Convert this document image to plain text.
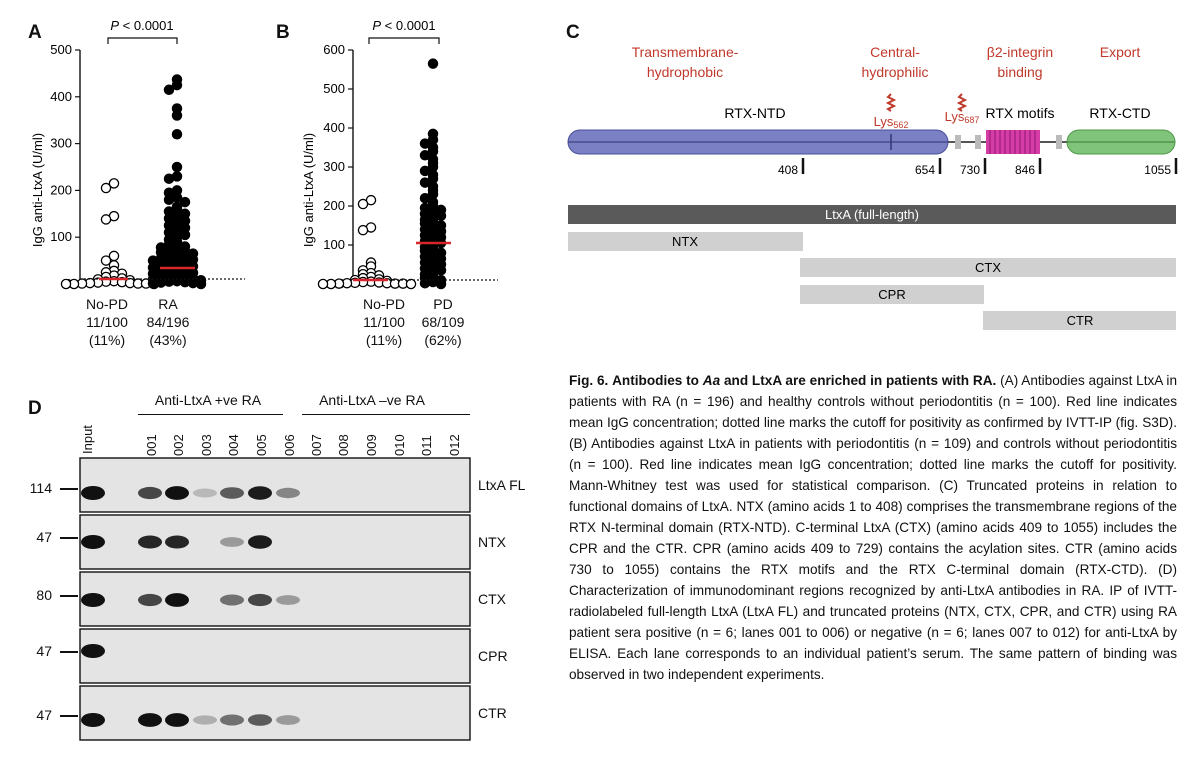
A	B	C
D
IgG anti-LtxA (U/ml) 100
200
300
400
500
P < 0.0001
No-PD
11/100
(11%)
RA
84/196
(43%)
IgG anti-LtxA (U/ml) 100
200
300
400
500
600
P < 0.0001
No-PD
11/100
(11%)
PD
68/109
(62%)
Transmembrane-
hydrophobic
Central-
hydrophilic
β2-integrin
binding
Export
RTX-NTD	RTX motifs RTX-CTD
Lys562
Lys687
408	654 730	846	1055
LtxA (full-length)
NTX
CTX
CPR
CTR
Anti-LtxA +ve RA	Anti-LtxA –ve RA
Input	001 002 003 004 005 006 007 008 009 010 011 012
LtxA FL
114
NTX
47
CTX
80
CPR
47
CTR
47
Fig. 6. Antibodies to Aa and LtxA are enriched in patients with RA. (A) Antibodies against LtxA in patients with RA (n = 196) and healthy controls without periodontitis (n = 100). Red line indicates mean IgG concentration; dotted line marks the cutoff for positivity as confirmed by IVTT-IP (fig. S3D). (B) Antibodies against LtxA in patients with periodontitis (n = 109) and controls without periodontitis (n = 100). Red line indicates mean IgG concentration; dotted line marks the cutoff for positivity. Mann-Whitney test was used for statistical comparison. (C) Truncated proteins in relation to functional domains of LtxA. NTX (amino acids 1 to 408) comprises the transmembrane regions of the RTX N-terminal domain (RTX-NTD). C-terminal LtxA (CTX) (amino acids 409 to 1055) includes the CPR and the CTR. CPR (amino acids 409 to 729) contains the acylation sites. CTR (amino acids 730 to 1055) contains the RTX motifs and the RTX C-terminal domain (RTX-CTD). (D) Characterization of immunodominant regions recognized by anti-LtxA antibodies in RA. IP of IVTT-radiolabeled full-length LtxA (LtxA FL) and truncated proteins (NTX, CTX, CPR, and CTR) using RA patient sera positive (n = 6; lanes 001 to 006) or negative (n = 6; lanes 007 to 012) for anti-LtxA by ELISA. Each lane corresponds to an individual patient’s serum. The same pattern of binding was observed in two independent experiments.
